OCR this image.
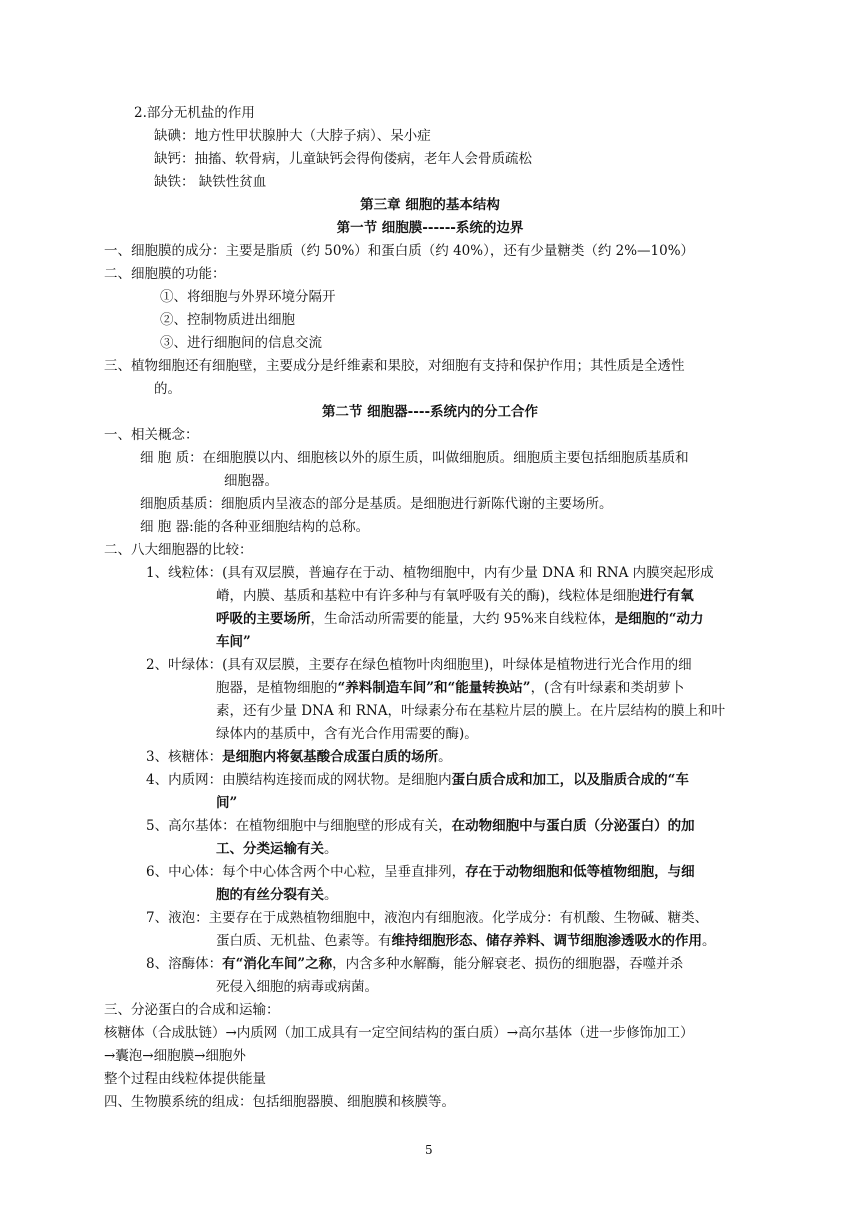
2.部分无机盐的作用
缺碘：地方性甲状腺肿大（大脖子病）、呆小症
缺钙：抽搐、软骨病，儿童缺钙会得佝偻病，老年人会骨质疏松
缺铁： 缺铁性贫血
第三章 细胞的基本结构
第一节 细胞膜------系统的边界
一、细胞膜的成分：主要是脂质（约 50%）和蛋白质（约 40%），还有少量糖类（约 2%—10%）
二、细胞膜的功能：
①、将细胞与外界环境分隔开
②、控制物质进出细胞
③、进行细胞间的信息交流
三、植物细胞还有细胞壁，主要成分是纤维素和果胶，对细胞有支持和保护作用；其性质是全透性
的。
第二节 细胞器----系统内的分工合作
一、相关概念：
细 胞 质：在细胞膜以内、细胞核以外的原生质，叫做细胞质。细胞质主要包括细胞质基质和
细胞器。
细胞质基质：细胞质内呈液态的部分是基质。是细胞进行新陈代谢的主要场所。
细 胞 器:能的各种亚细胞结构的总称。
二、八大细胞器的比较：
1、线粒体：(具有双层膜，普遍存在于动、植物细胞中，内有少量 DNA 和 RNA 内膜突起形成
嵴，内膜、基质和基粒中有许多种与有氧呼吸有关的酶)，线粒体是细胞进行有氧
呼吸的主要场所，生命活动所需要的能量，大约 95%来自线粒体，是细胞的“动力
车间”
2、叶绿体：(具有双层膜，主要存在绿色植物叶肉细胞里)，叶绿体是植物进行光合作用的细
胞器，是植物细胞的“养料制造车间”和“能量转换站”，(含有叶绿素和类胡萝卜
素，还有少量 DNA 和 RNA，叶绿素分布在基粒片层的膜上。在片层结构的膜上和叶
绿体内的基质中，含有光合作用需要的酶)。
3、核糖体：是细胞内将氨基酸合成蛋白质的场所。
4、内质网：由膜结构连接而成的网状物。是细胞内蛋白质合成和加工，以及脂质合成的“车
间”
5、高尔基体：在植物细胞中与细胞壁的形成有关，在动物细胞中与蛋白质（分泌蛋白）的加
工、分类运输有关。
6、中心体：每个中心体含两个中心粒，呈垂直排列，存在于动物细胞和低等植物细胞，与细
胞的有丝分裂有关。
7、液泡：主要存在于成熟植物细胞中，液泡内有细胞液。化学成分：有机酸、生物碱、糖类、
蛋白质、无机盐、色素等。有维持细胞形态、储存养料、调节细胞渗透吸水的作用。
8、溶酶体：有“消化车间”之称，内含多种水解酶，能分解衰老、损伤的细胞器，吞噬并杀
死侵入细胞的病毒或病菌。
三、分泌蛋白的合成和运输：
核糖体（合成肽链）→内质网（加工成具有一定空间结构的蛋白质）→高尔基体（进一步修饰加工）
→囊泡→细胞膜→细胞外
整个过程由线粒体提供能量
四、生物膜系统的组成：包括细胞器膜、细胞膜和核膜等。
5
